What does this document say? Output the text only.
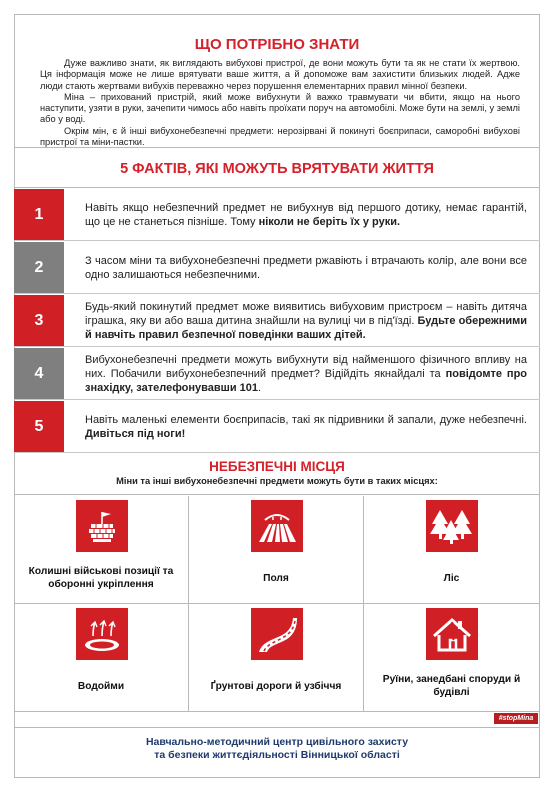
ЩО ПОТРІБНО ЗНАТИ

Дуже важливо знати, як виглядають вибухові пристрої, де вони можуть бути та як не стати їх жертвою. Ця інформація може не лише врятувати ваше життя, а й допоможе вам захистити близьких людей. Адже люди стають жертвами вибухів переважно через порушення елементарних правил мінної безпеки.

Міна – прихований пристрій, який може вибухнути й важко травмувати чи вбити, якщо на нього наступити, узяти в руки, зачепити чимось або навіть проїхати поруч на автомобілі. Може бути на землі, у землі або у воді.

Окрім мін, є й інші вибухонебезпечні предмети: нерозірвані й покинуті боєприпаси, саморобні вибухові пристрої та міни-пастки.

5 ФАКТІВ, ЯКІ МОЖУТЬ ВРЯТУВАТИ ЖИТТЯ
1	Навіть якщо небезпечний предмет не вибухнув від першого дотику, немає гарантій, що це не станеться пізніше. Тому ніколи не беріть їх у руки.
2	З часом міни та вибухонебезпечні предмети ржавіють і втрачають колір, але вони все одно залишаються небезпечними.
3
Будь-який покинутий предмет може виявитись вибуховим пристроєм – навіть дитяча іграшка, яку ви або ваша дитина знайшли на вулиці чи в під'їзді. Будьте обережними й навчіть правил безпечної поведінки ваших дітей.
4
Вибухонебезпечні предмети можуть вибухнути від найменшого фізичного впливу на них. Побачили вибухонебезпечний предмет? Відійдіть якнайдалі та повідомте про знахідку, зателефонувавши 101.
5	Навіть маленькі елементи боєприпасів, такі як підривники й запали, дуже небезпечні. Дивіться під ноги!
НЕБЕЗПЕЧНІ МІСЦЯ
Міни та інші вибухонебезпечні предмети можуть бути в таких місцях:
Колишні військові позиції та оборонні укріплення
Поля	Ліс
Водойми	Ґрунтові дороги й узбіччя
Руїни, занедбані споруди й будівлі
#stopMina
Навчально-методичний центр цивільного захисту
та безпеки життєдіяльності Вінницької області
